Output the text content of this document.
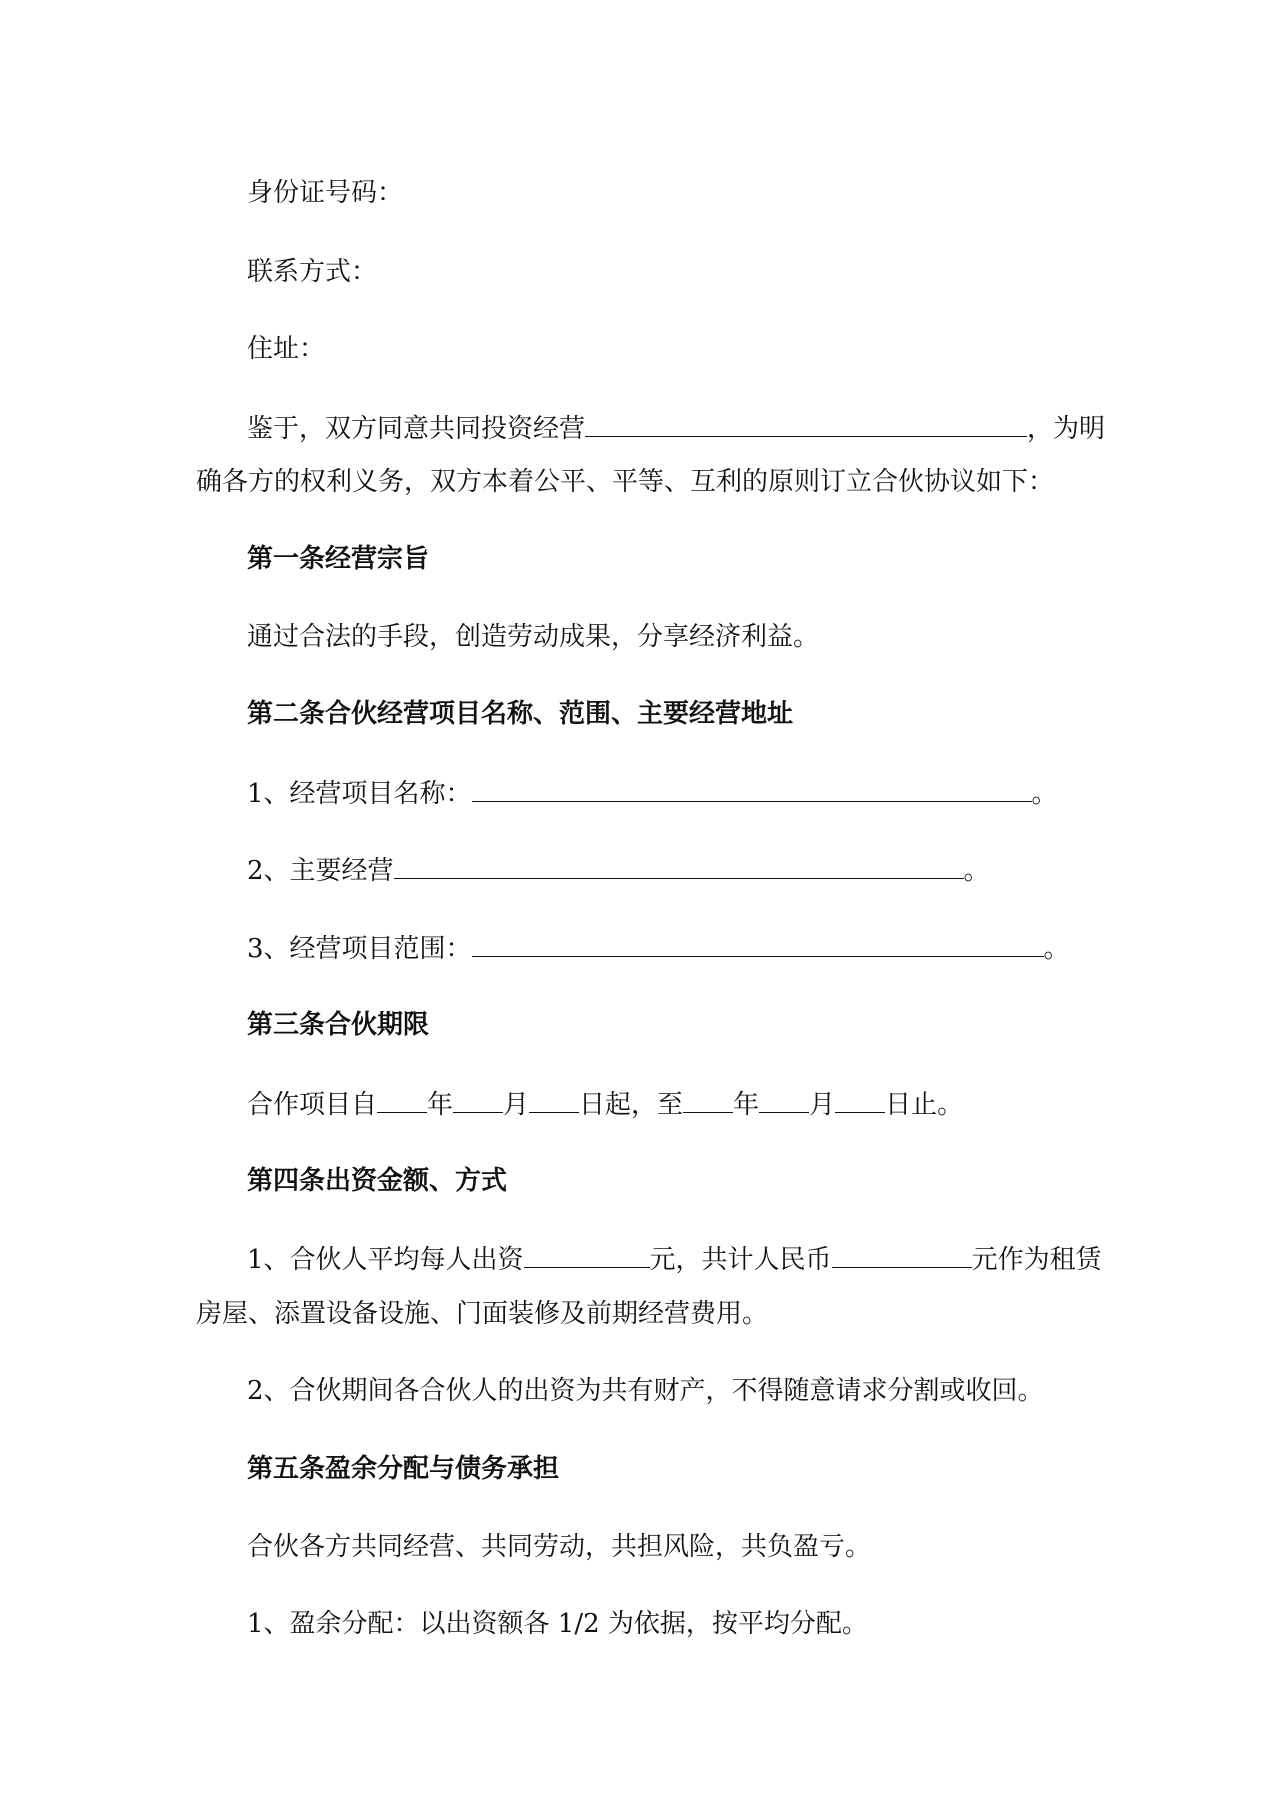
身份证号码：
联系方式：
住址：
鉴于，双方同意共同投资经营	，为明
确各方的权利义务，双方本着公平、平等、互利的原则订立合伙协议如下：
第一条经营宗旨
通过合法的手段，创造劳动成果，分享经济利益。
第二条合伙经营项目名称、范围、主要经营地址
1、经营项目名称：	。
2、主要经营	。
3、经营项目范围：	。
第三条合伙期限
合作项目自 年 月 日起，至 年 月 日止。
第四条出资金额、方式
1、合伙人平均每人出资	元，共计人民币	元作为租赁
房屋、添置设备设施、门面装修及前期经营费用。
2、合伙期间各合伙人的出资为共有财产，不得随意请求分割或收回。
第五条盈余分配与债务承担
合伙各方共同经营、共同劳动，共担风险，共负盈亏。
1、盈余分配：以出资额各 1/2 为依据，按平均分配。
